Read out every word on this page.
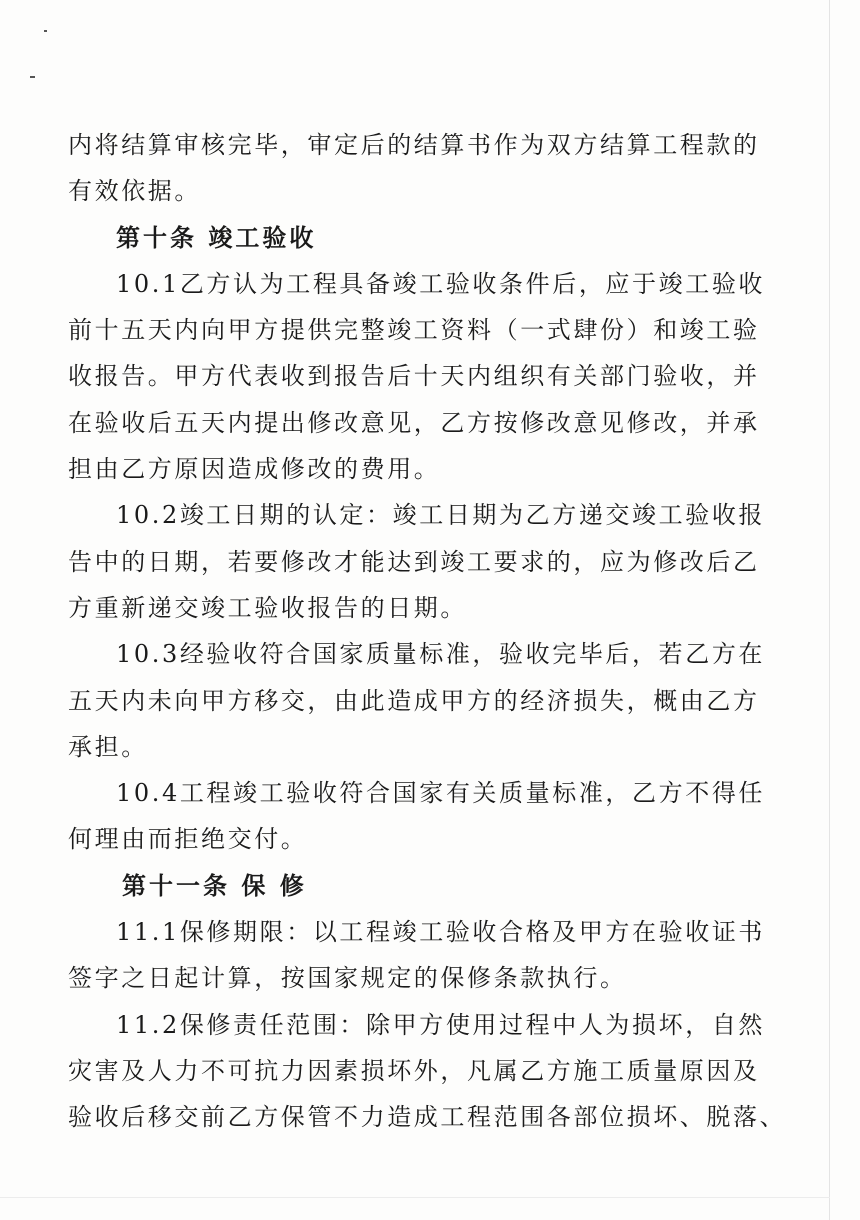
内将结算审核完毕，审定后的结算书作为双方结算工程款的
有效依据。
第十条 竣工验收
10.1乙方认为工程具备竣工验收条件后，应于竣工验收
前十五天内向甲方提供完整竣工资料（一式肆份）和竣工验
收报告。甲方代表收到报告后十天内组织有关部门验收，并
在验收后五天内提出修改意见，乙方按修改意见修改，并承
担由乙方原因造成修改的费用。
10.2竣工日期的认定：竣工日期为乙方递交竣工验收报
告中的日期，若要修改才能达到竣工要求的，应为修改后乙
方重新递交竣工验收报告的日期。
10.3经验收符合国家质量标准，验收完毕后，若乙方在
五天内未向甲方移交，由此造成甲方的经济损失，概由乙方
承担。
10.4工程竣工验收符合国家有关质量标准，乙方不得任
何理由而拒绝交付。
第十一条 保 修
11.1保修期限：以工程竣工验收合格及甲方在验收证书
签字之日起计算，按国家规定的保修条款执行。
11.2保修责任范围：除甲方使用过程中人为损坏，自然
灾害及人力不可抗力因素损坏外，凡属乙方施工质量原因及
验收后移交前乙方保管不力造成工程范围各部位损坏、脱落、
